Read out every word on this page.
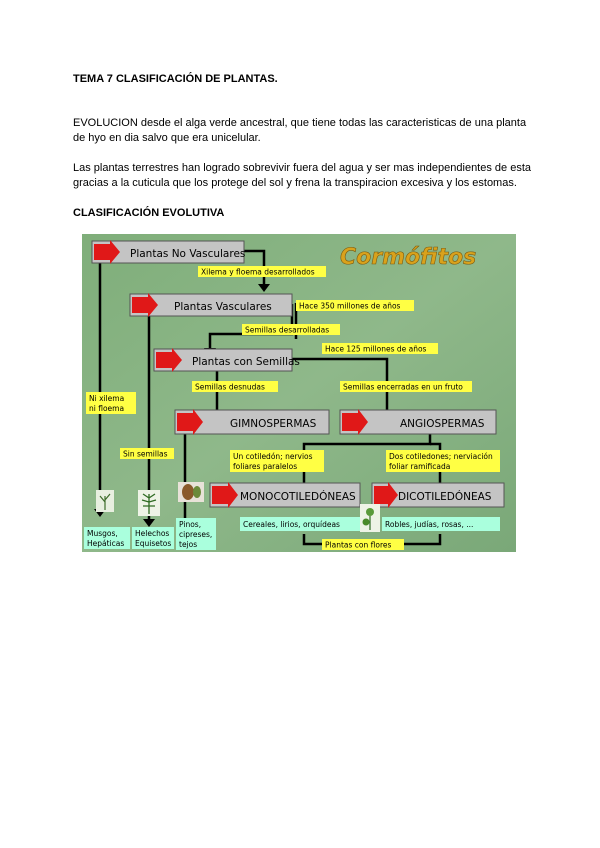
TEMA 7 CLASIFICACIÓN DE PLANTAS.
EVOLUCION desde el alga verde ancestral, que tiene todas las caracteristicas de una planta de hyo en dia salvo que era unicelular.
Las plantas terrestres han logrado sobrevivir fuera del agua y ser mas independientes de esta gracias a la cuticula que los protege del sol y frena la transpiracion excesiva y los estomas.
CLASIFICACIÓN EVOLUTIVA
Cormófitos
Plantas No Vasculares
Plantas Vasculares
Plantas con Semillas
GIMNOSPERMAS	ANGIOSPERMAS
MONOCOTILEDÓNEAS	DICOTILEDÓNEAS
Xilema y floema desarrollados
Hace 350 millones de años
Semillas desarrolladas
Hace 125 millones de años
Semillas desnudas	Semillas encerradas en un fruto
Ni xilema
ni floema
Sin semillas	Un cotiledón; nervios
foliares paralelos
Dos cotiledones; nerviación
foliar ramificada
Plantas con flores
Cereales, lirios, orquídeas	Robles, judías, rosas, ...
Musgos,
Hepáticas
Helechos
Equisetos
Pinos,
cipreses,
tejos
